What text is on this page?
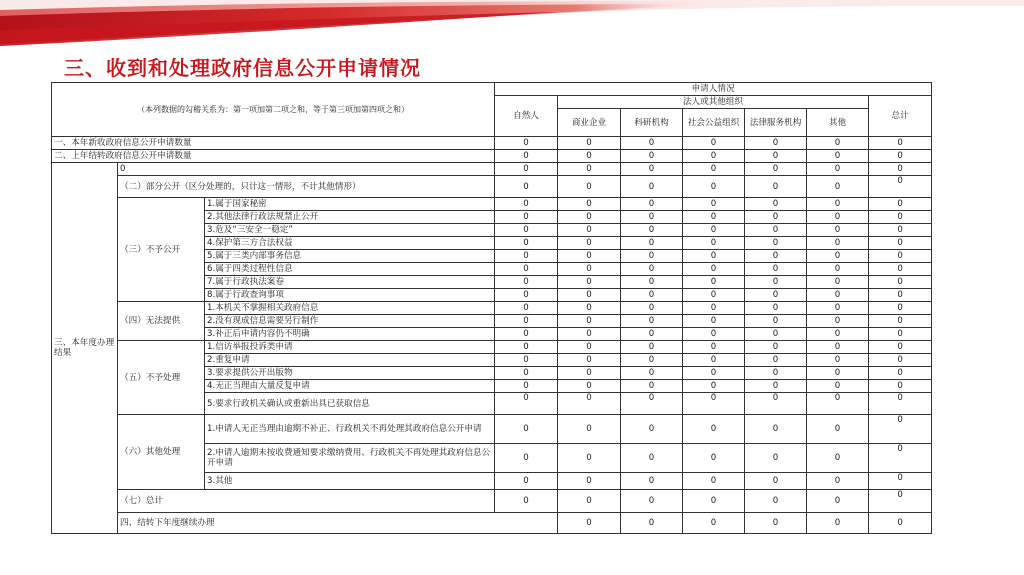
三、收到和处理政府信息公开申请情况
（本列数据的勾稽关系为：第一项加第二项之和，等于第三项加第四项之和）			申请人情况							
			自然人	法人或其他组织					总计	
				商业企业	科研机构	社会公益组织	法律服务机构	其他		
一、本年新收政府信息公开申请数量			0	0	0	0	0	0	0	
二、上年结转政府信息公开申请数量			0	0	0	0	0	0	0	
三、本年度办理结果	0		0	0	0	0	0	0	0	
	（二）部分公开（区分处理的，只计这一情形，不计其他情形）		0	0	0	0	0	0	0	
	（三）不予公开	1.属于国家秘密	0	0	0	0	0	0	0	
		2.其他法律行政法规禁止公开	0	0	0	0	0	0	0	
		3.危及“三安全一稳定”	0	0	0	0	0	0	0	
		4.保护第三方合法权益	0	0	0	0	0	0	0	
		5.属于三类内部事务信息	0	0	0	0	0	0	0	
		6.属于四类过程性信息	0	0	0	0	0	0	0	
		7.属于行政执法案卷	0	0	0	0	0	0	0	
		8.属于行政查询事项	0	0	0	0	0	0	0	
	（四）无法提供	1.本机关不掌握相关政府信息	0	0	0	0	0	0	0	
		2.没有现成信息需要另行制作	0	0	0	0	0	0	0	
		3.补正后申请内容仍不明确	0	0	0	0	0	0	0	
	（五）不予处理	1.信访举报投诉类申请	0	0	0	0	0	0	0	
		2.重复申请	0	0	0	0	0	0	0	
		3.要求提供公开出版物	0	0	0	0	0	0	0	
		4.无正当理由大量反复申请	0	0	0	0	0	0	0	
		5.要求行政机关确认或重新出具已获取信息	0	0	0	0	0	0	0	
	（六）其他处理	1.申请人无正当理由逾期不补正、行政机关不再处理其政府信息公开申请	0	0	0	0	0	0	0	
		2.申请人逾期未按收费通知要求缴纳费用、行政机关不再处理其政府信息公开申请	0	0	0	0	0	0	0	
		3.其他	0	0	0	0	0	0	0	
	（七）总计		0	0	0	0	0	0	0	
	四、结转下年度继续办理			0	0	0	0	0	0	
